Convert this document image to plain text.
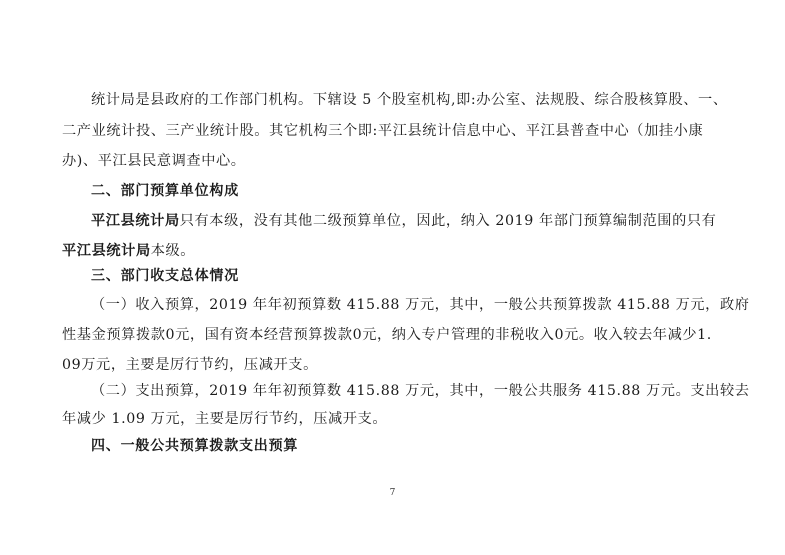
统计局是县政府的工作部门机构。下辖设 5 个股室机构,即:办公室、法规股、综合股核算股、一、
二产业统计投、三产业统计股。其它机构三个即:平江县统计信息中心、平江县普查中心（加挂小康
办)、平江县民意调查中心。
二、部门预算单位构成
平江县统计局只有本级，没有其他二级预算单位，因此，纳入 2019 年部门预算编制范围的只有
平江县统计局本级。
三、部门收支总体情况
（一）收入预算，2019 年年初预算数 415.88 万元，其中，一般公共预算拨款 415.88 万元，政府
性基金预算拨款0元，国有资本经营预算拨款0元，纳入专户管理的非税收入0元。收入较去年减少1.
09万元，主要是厉行节约，压减开支。
（二）支出预算，2019 年年初预算数 415.88 万元，其中，一般公共服务 415.88 万元。支出较去
年减少 1.09 万元，主要是厉行节约，压减开支。
四、一般公共预算拨款支出预算
7
